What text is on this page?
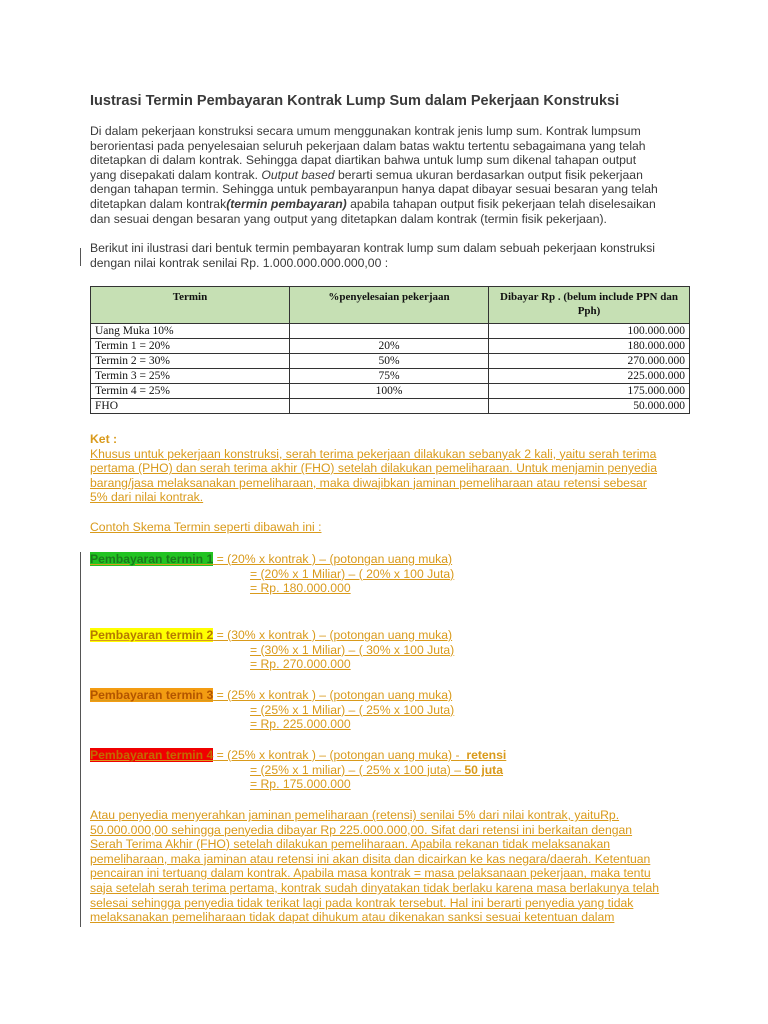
Iustrasi Termin Pembayaran Kontrak Lump Sum dalam Pekerjaan Konstruksi
Di dalam pekerjaan konstruksi secara umum menggunakan kontrak jenis lump sum. Kontrak lumpsum
berorientasi pada penyelesaian seluruh pekerjaan dalam batas waktu tertentu sebagaimana yang telah
ditetapkan di dalam kontrak. Sehingga dapat diartikan bahwa untuk lump sum dikenal tahapan output
yang disepakati dalam kontrak. Output based berarti semua ukuran berdasarkan output fisik pekerjaan
dengan tahapan termin. Sehingga untuk pembayaranpun hanya dapat dibayar sesuai besaran yang telah
ditetapkan dalam kontrak(termin pembayaran) apabila tahapan output fisik pekerjaan telah diselesaikan
dan sesuai dengan besaran yang output yang ditetapkan dalam kontrak (termin fisik pekerjaan).
Berikut ini ilustrasi dari bentuk termin pembayaran kontrak lump sum dalam sebuah pekerjaan konstruksi
dengan nilai kontrak senilai Rp. 1.000.000.000.000,00 :
Termin	%penyelesaian pekerjaan	Dibayar Rp . (belum include PPN dan Pph)
Uang Muka 10%		100.000.000
Termin 1 = 20%	20%	180.000.000
Termin 2 = 30%	50%	270.000.000
Termin 3 = 25%	75%	225.000.000
Termin 4 = 25%	100%	175.000.000
FHO		50.000.000
Ket :
Khusus untuk pekerjaan konstruksi, serah terima pekerjaan dilakukan sebanyak 2 kali, yaitu serah terima
pertama (PHO) dan serah terima akhir (FHO) setelah dilakukan pemeliharaan. Untuk menjamin penyedia
barang/jasa melaksanakan pemeliharaan, maka diwajibkan jaminan pemeliharaan atau retensi sebesar
5% dari nilai kontrak.
Contoh Skema Termin seperti dibawah ini :
Pembayaran termin 1 = (20% x kontrak ) – (potongan uang muka)
= (20% x 1 Miliar) – ( 20% x 100 Juta)
= Rp. 180.000.000
Pembayaran termin 2 = (30% x kontrak ) – (potongan uang muka)
= (30% x 1 Miliar) – ( 30% x 100 Juta)
= Rp. 270.000.000
Pembayaran termin 3 = (25% x kontrak ) – (potongan uang muka)
= (25% x 1 Miliar) – ( 25% x 100 Juta)
= Rp. 225.000.000
Pembayaran termin 4 = (25% x kontrak ) – (potongan uang muka) - retensi
= (25% x 1 miliar) – ( 25% x 100 juta) – 50 juta
= Rp. 175.000.000
Atau penyedia menyerahkan jaminan pemeliharaan (retensi) senilai 5% dari nilai kontrak, yaituRp.
50.000.000,00 sehingga penyedia dibayar Rp 225.000.000,00. Sifat dari retensi ini berkaitan dengan
Serah Terima Akhir (FHO) setelah dilakukan pemeliharaan. Apabila rekanan tidak melaksanakan
pemeliharaan, maka jaminan atau retensi ini akan disita dan dicairkan ke kas negara/daerah. Ketentuan
pencairan ini tertuang dalam kontrak. Apabila masa kontrak = masa pelaksanaan pekerjaan, maka tentu
saja setelah serah terima pertama, kontrak sudah dinyatakan tidak berlaku karena masa berlakunya telah
selesai sehingga penyedia tidak terikat lagi pada kontrak tersebut. Hal ini berarti penyedia yang tidak
melaksanakan pemeliharaan tidak dapat dihukum atau dikenakan sanksi sesuai ketentuan dalam
